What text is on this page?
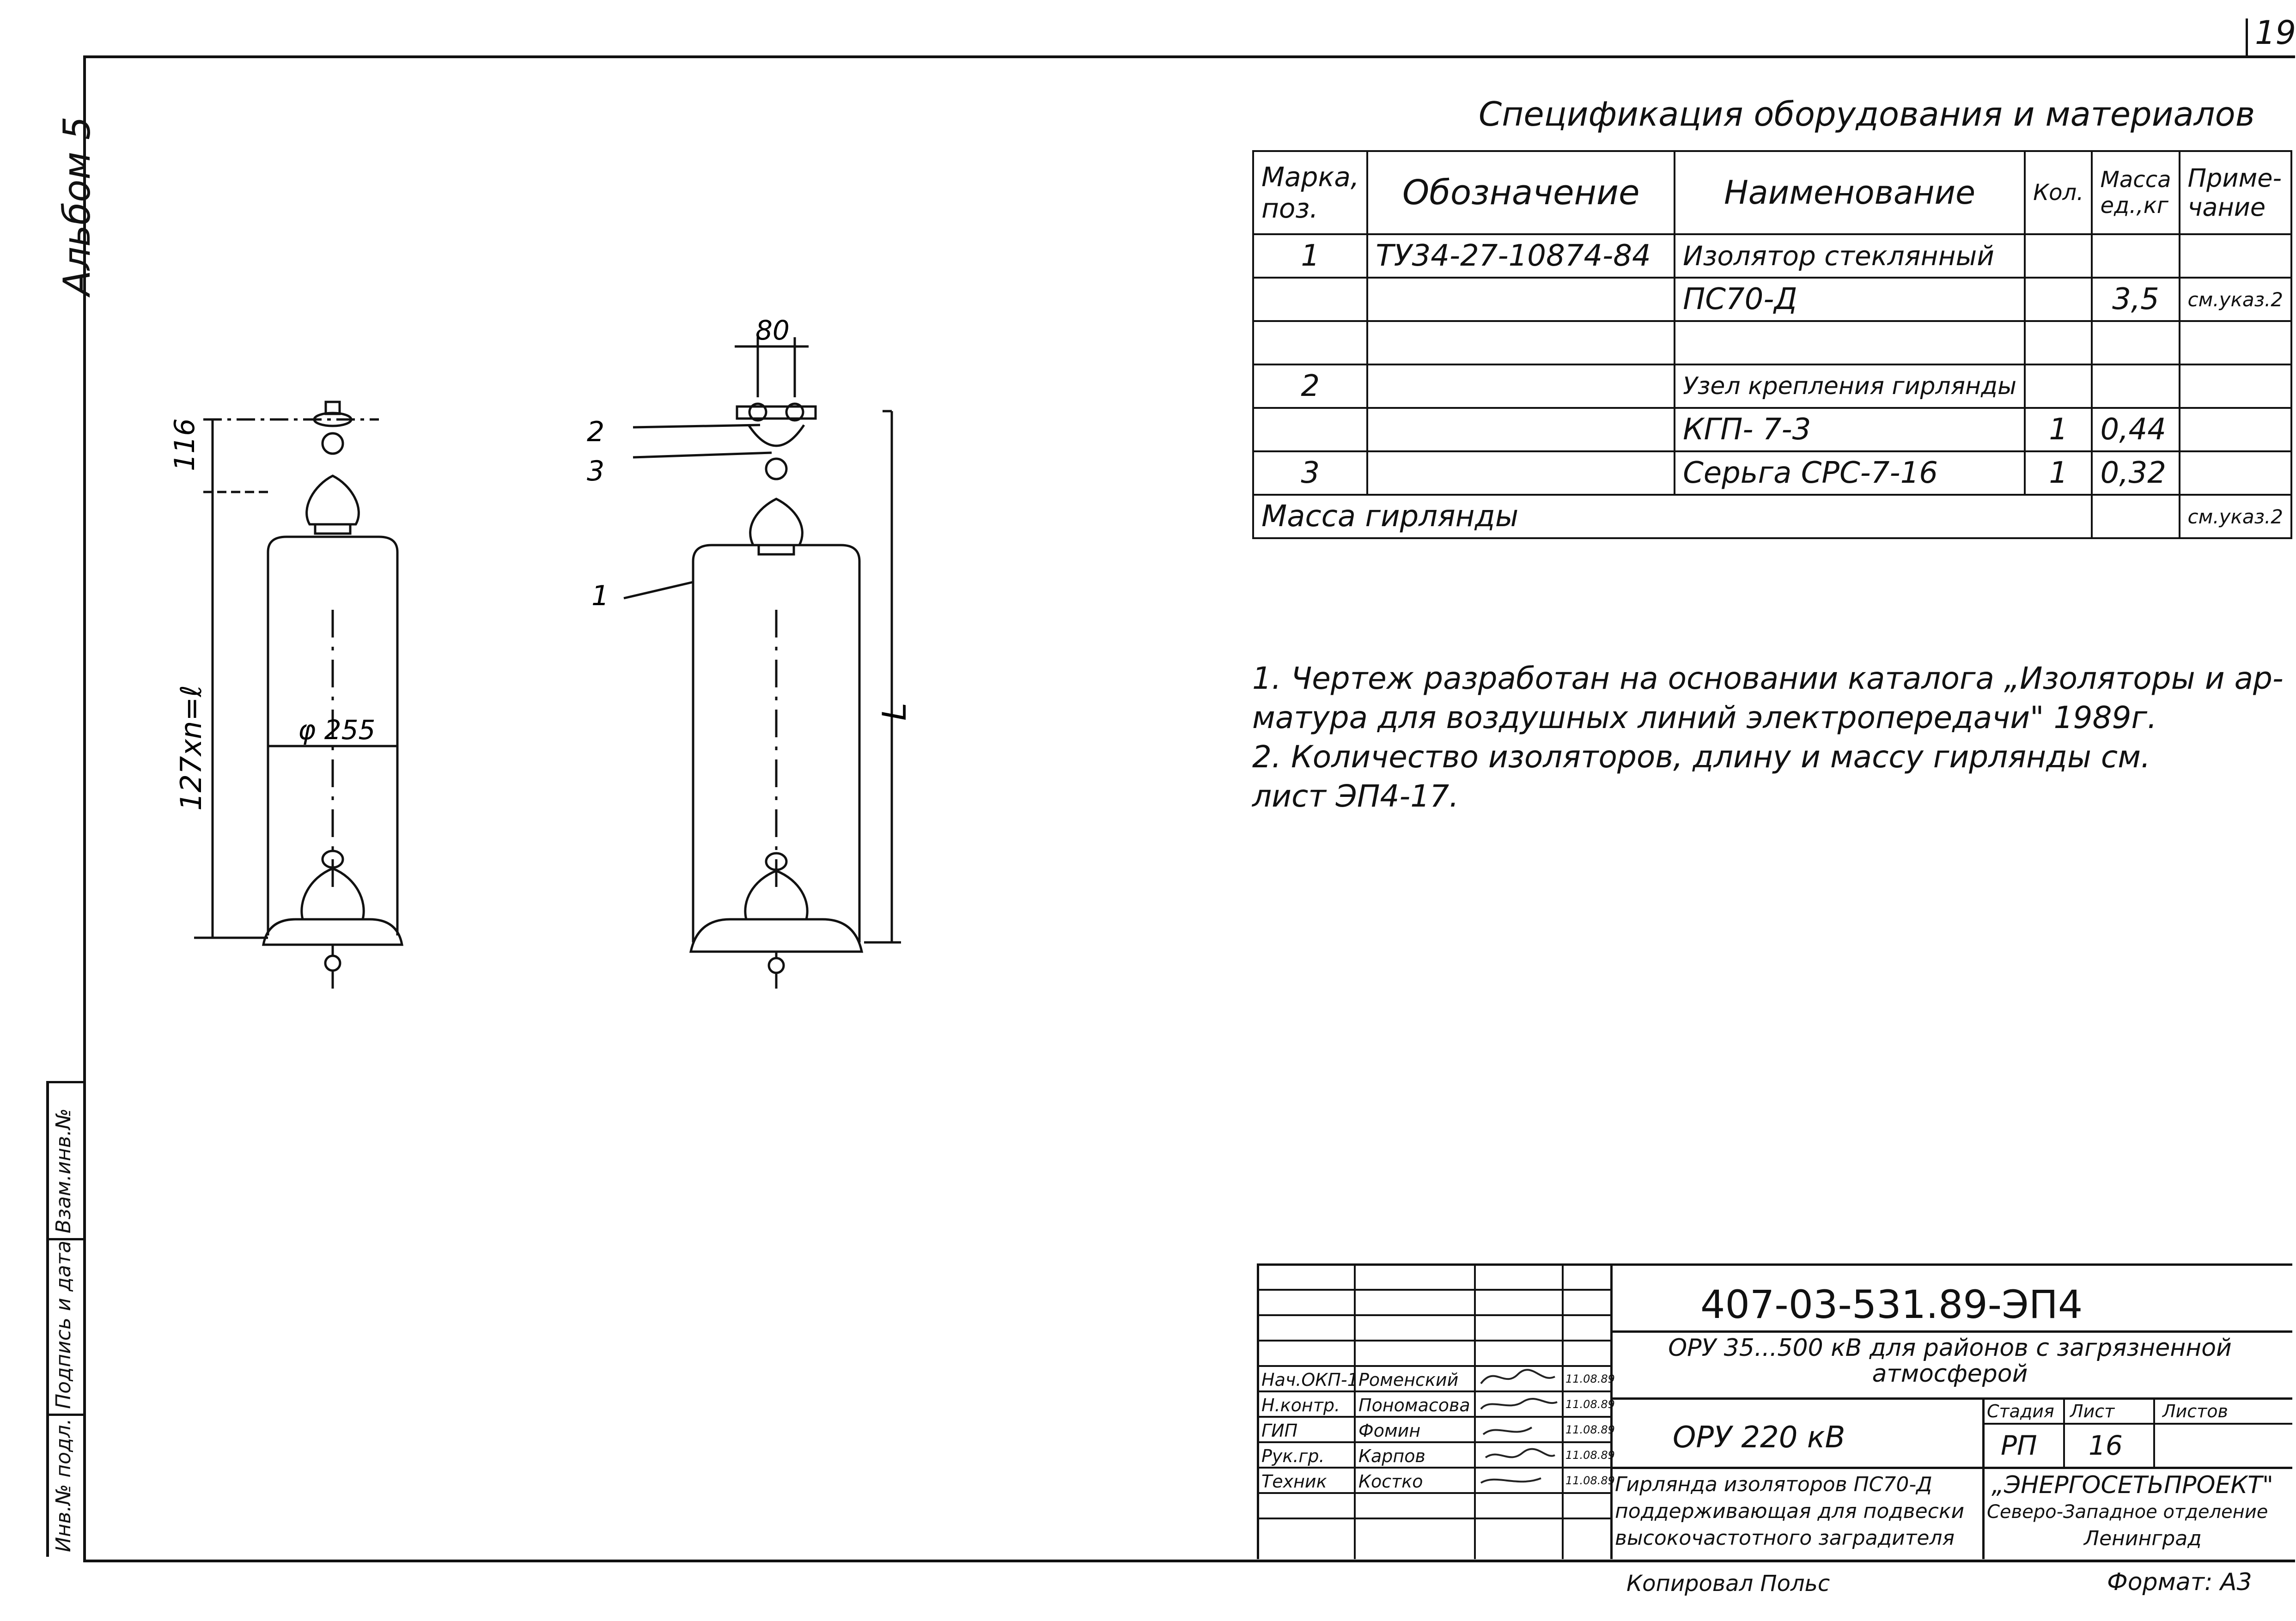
19
Альбом 5
Взам.инв.№
Подпись и дата
Инв.№ подл.
Спецификация оборудования и материалов
Марка, поз.	Обозначение	Наименование	Кол.	Масса ед.,кг	Приме- чание
1	ТУ34-27-10874-84	Изолятор стеклянный			
		ПС70-Д		3,5	см.указ.2

2		Узел крепления гирлянды			
		КГП- 7-3	1	0,44	
3		Серьга СРС-7-16	1	0,32	
Масса гирлянды					см.указ.2
1. Чертеж разработан на основании каталога „Изоляторы и ар-
матура для воздушных линий электропередачи" 1989г.
2. Количество изоляторов, длину и массу гирлянды см.
лист ЭП4-17.
116
127хn=ℓ	φ 255
80
L
2
3
1
407-03-531.89-ЭП4
ОРУ 35...500 кВ для районов с загрязненной атмосферой
ОРУ 220 кВ
Стадия Лист	Листов
РП 16
Гирлянда изоляторов ПС70-Д поддерживающая для подвески высокочастотного заградителя
„ЭНЕРГОСЕТЬПРОЕКТ"
Северо-Западное отделение
Ленинград
Нач.ОКП-1 Роменский	11.08.89
Н.контр. Пономасова	11.08.89
ГИП	Фомин	11.08.89
Рук.гр. Карпов	11.08.89
Техник Костко	11.08.89
Копировал Польс	Формат: А3
